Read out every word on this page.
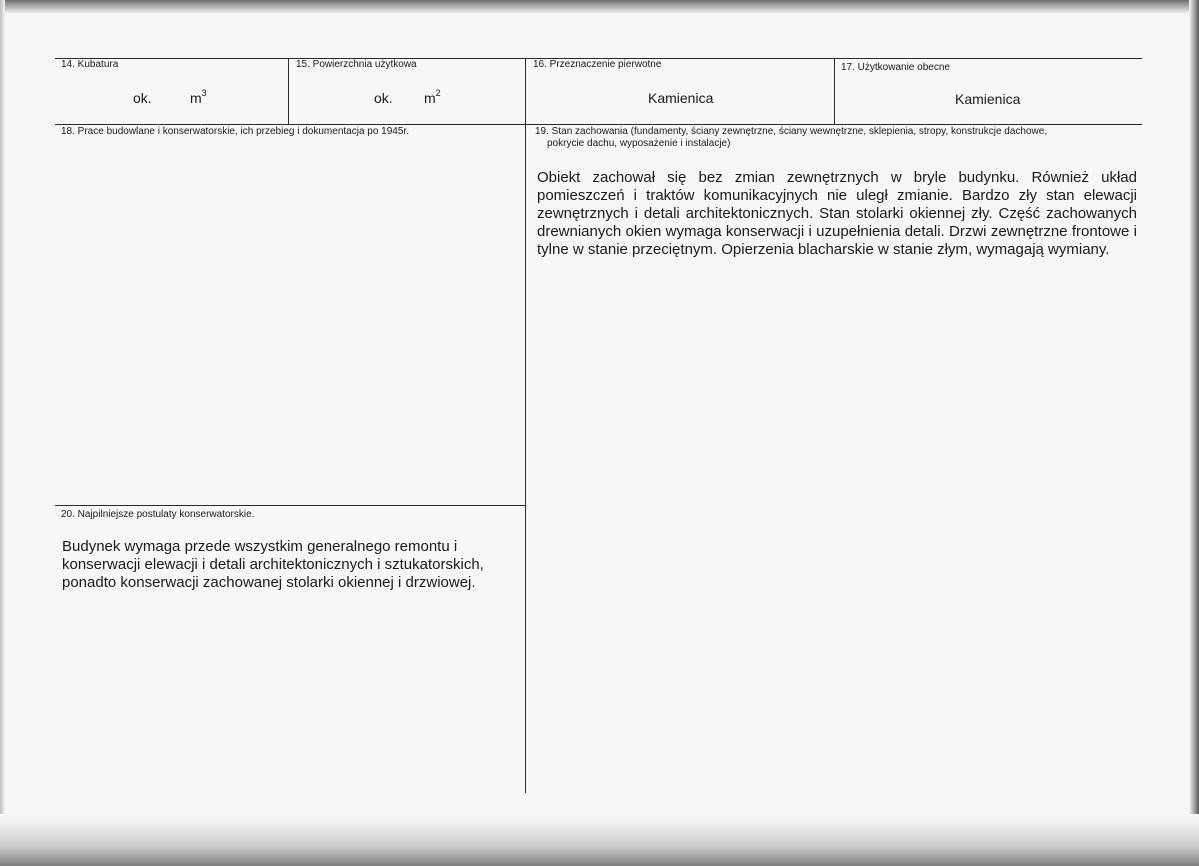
14. Kubatura
ok.	$m^3$
15. Powierzchnia użytkowa
ok. $m^2$
16. Przeznaczenie pierwotne
Kamienica
17. Użytkowanie obecne
Kamienica
18. Prace budowlane i konserwatorskie, ich przebieg i dokumentacja po 1945r.	19. Stan zachowania (fundamenty, ściany zewnętrzne, ściany wewnętrzne, sklepienia, stropy, konstrukcje dachowe,
pokrycie dachu, wyposażenie i instalacje)
Obiekt zachował się bez zmian zewnętrznych w bryle budynku. Również układ pomieszczeń i traktów komunikacyjnych nie uległ zmianie. Bardzo zły stan elewacji zewnętrznych i detali architektonicznych. Stan stolarki okiennej zły. Część zachowanych drewnianych okien wymaga konserwacji i uzupełnienia detali. Drzwi zewnętrzne frontowe i tylne w stanie przeciętnym. Opierzenia blacharskie w stanie złym, wymagają wymiany.
20. Najpilniejsze postulaty konserwatorskie.
Budynek wymaga przede wszystkim generalnego remontu i
konserwacji elewacji i detali architektonicznych i sztukatorskich,
ponadto konserwacji zachowanej stolarki okiennej i drzwiowej.
